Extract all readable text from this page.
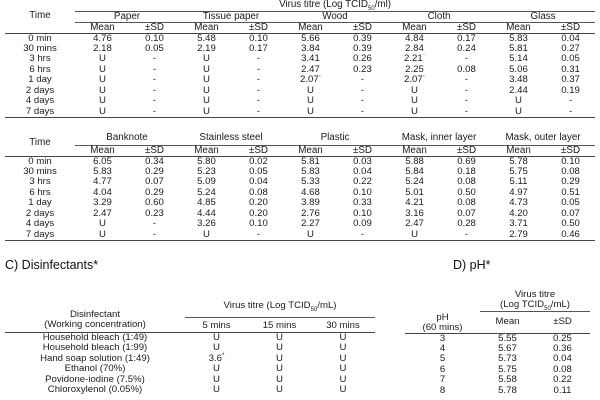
Time	Virus titre (Log $TCID_{50}/ml$)									
	Paper		Tissue paper		Wood		Cloth		Glass	
	Mean	±SD	Mean	±SD	Mean	±SD	Mean	±SD	Mean	±SD
0 min	4.76	0.10	5.48	0.10	5.66	0.39	4.84	0.17	5.83	0.04
30 mins	2.18	0.05	2.19	0.17	3.84	0.39	2.84	0.24	5.81	0.27
3 hrs	U	-	U	-	3.41	0.26	2.21*	-	5.14	0.05
6 hrs	U	-	U	-	2.47	0.23	2.25	0.08	5.06	0.31
1 day	U	-	U	-	2.07*	-	2.07*	-	3.48	0.37
2 days	U	-	U	-	U	-	U	-	2.44	0.19
4 days	U	-	U	-	U	-	U	-	U	-
7 days	U	-	U	-	U	-	U	-	U	-
Time	Banknote		Stainless steel		Plastic		Mask, inner layer		Mask, outer layer	
	Mean	±SD	Mean	±SD	Mean	±SD	Mean	±SD	Mean	±SD
0 min	6.05	0.34	5.80	0.02	5.81	0.03	5.88	0.69	5.78	0.10
30 mins	5.83	0.29	5.23	0.05	5.83	0.04	5.84	0.18	5.75	0.08
3 hrs	4.77	0.07	5.09	0.04	5.33	0.22	5.24	0.08	5.11	0.29
6 hrs	4.04	0.29	5.24	0.08	4.68	0.10	5.01	0.50	4.97	0.51
1 day	3.29	0.60	4.85	0.20	3.89	0.33	4.21	0.08	4.73	0.05
2 days	2.47	0.23	4.44	0.20	2.76	0.10	3.16	0.07	4.20	0.07
4 days	U	-	3.26	0.10	2.27	0.09	2.47	0.28	3.71	0.50
7 days	U	-	U	-	U	-	U	-	2.79	0.46
C) Disinfectants*
Disinfectant
(Working concentration)	Virus titre (Log $TCID_{50}/mL$)		
	5 mins	15 mins	30 mins

Household bleach (1:49)	U	U	U
Household bleach (1:99)	U	U	U
Hand soap solution (1:49)	3.6*	U	U
Ethanol (70%)	U	U	U
Povidone-iodine (7.5%)	U	U	U
Chloroxylenol (0.05%)	U	U	U
D) pH*

	Virus titre
(Log $TCID_{50}/mL$)	

pH
(60 mins)	Mean	±SD
3	5.55	0.25
4	5.67	0.36
5	5.73	0.04
6	5.75	0.08
7	5.58	0.22
8	5.78	0.11
